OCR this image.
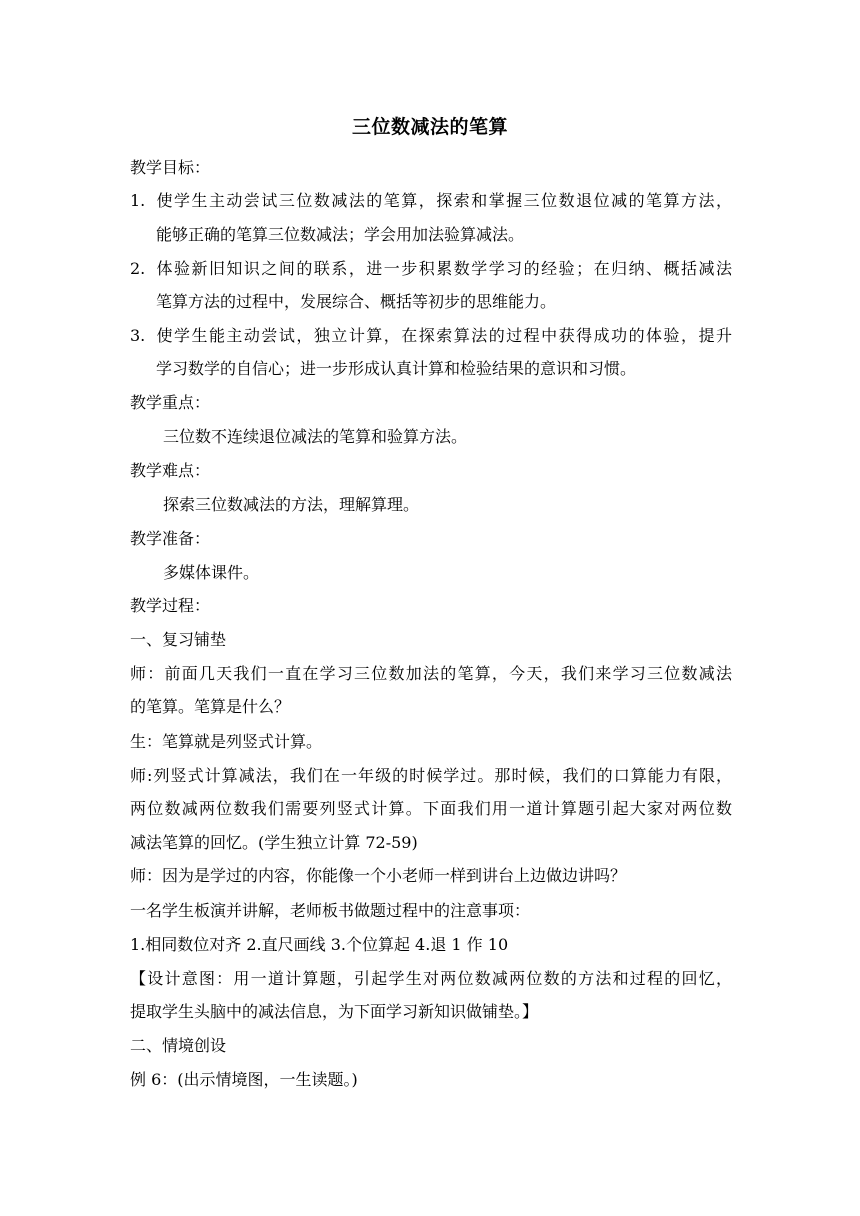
三位数减法的笔算
教学目标：
1. 使学生主动尝试三位数减法的笔算，探索和掌握三位数退位减的笔算方法，
能够正确的笔算三位数减法；学会用加法验算减法。
2. 体验新旧知识之间的联系，进一步积累数学学习的经验；在归纳、概括减法
笔算方法的过程中，发展综合、概括等初步的思维能力。
3. 使学生能主动尝试，独立计算，在探索算法的过程中获得成功的体验，提升
学习数学的自信心；进一步形成认真计算和检验结果的意识和习惯。
教学重点：
三位数不连续退位减法的笔算和验算方法。
教学难点：
探索三位数减法的方法，理解算理。
教学准备：
多媒体课件。
教学过程：
一、复习铺垫
师：前面几天我们一直在学习三位数加法的笔算，今天，我们来学习三位数减法
的笔算。笔算是什么？
生：笔算就是列竖式计算。
师:列竖式计算减法，我们在一年级的时候学过。那时候，我们的口算能力有限，
两位数减两位数我们需要列竖式计算。下面我们用一道计算题引起大家对两位数
减法笔算的回忆。(学生独立计算 72-59)
师：因为是学过的内容，你能像一个小老师一样到讲台上边做边讲吗？
一名学生板演并讲解，老师板书做题过程中的注意事项：
1.相同数位对齐 2.直尺画线 3.个位算起 4.退 1 作 10
【设计意图：用一道计算题，引起学生对两位数减两位数的方法和过程的回忆，
提取学生头脑中的减法信息，为下面学习新知识做铺垫。】
二、情境创设
例 6：(出示情境图，一生读题。)
